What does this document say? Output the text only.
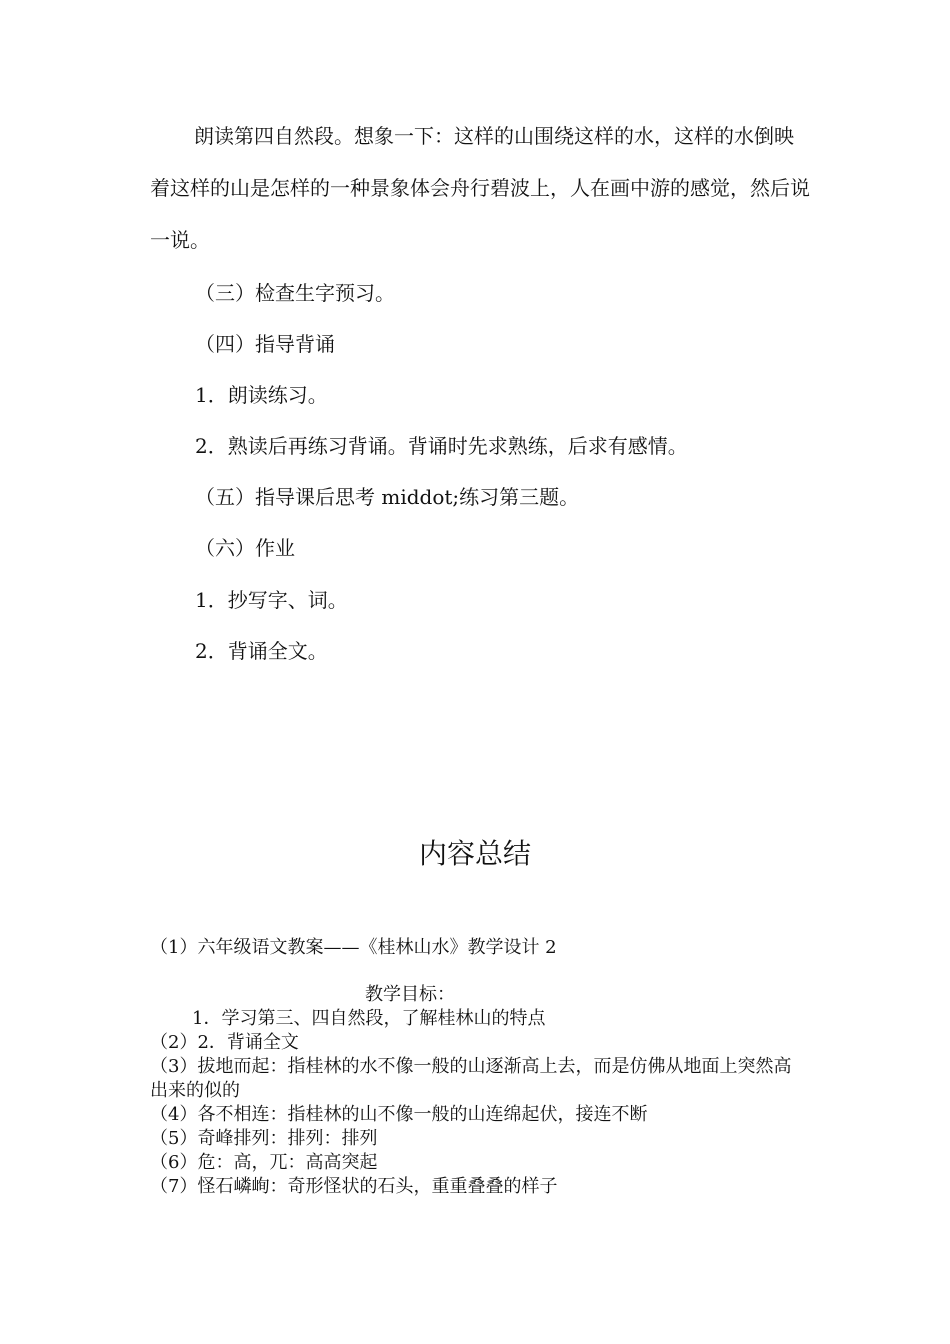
朗读第四自然段。想象一下：这样的山围绕这样的水，这样的水倒映着这样的山是怎样的一种景象体会舟行碧波上，人在画中游的感觉，然后说一说。

（三）检查生字预习。

（四）指导背诵

1．朗读练习。

2．熟读后再练习背诵。背诵时先求熟练，后求有感情。

（五）指导课后思考 middot;练习第三题。

（六）作业

1．抄写字、词。

2．背诵全文。

内容总结

（1）六年级语文教案——《桂林山水》教学设计 2

教学目标：

1．学习第三、四自然段，了解桂林山的特点

（2）2．背诵全文

（3）拔地而起：指桂林的水不像一般的山逐渐高上去，而是仿佛从地面上突然高出来的似的

（4）各不相连：指桂林的山不像一般的山连绵起伏，接连不断

（5）奇峰排列：排列：排列

（6）危：高，兀：高高突起

（7）怪石嶙峋：奇形怪状的石头，重重叠叠的样子
